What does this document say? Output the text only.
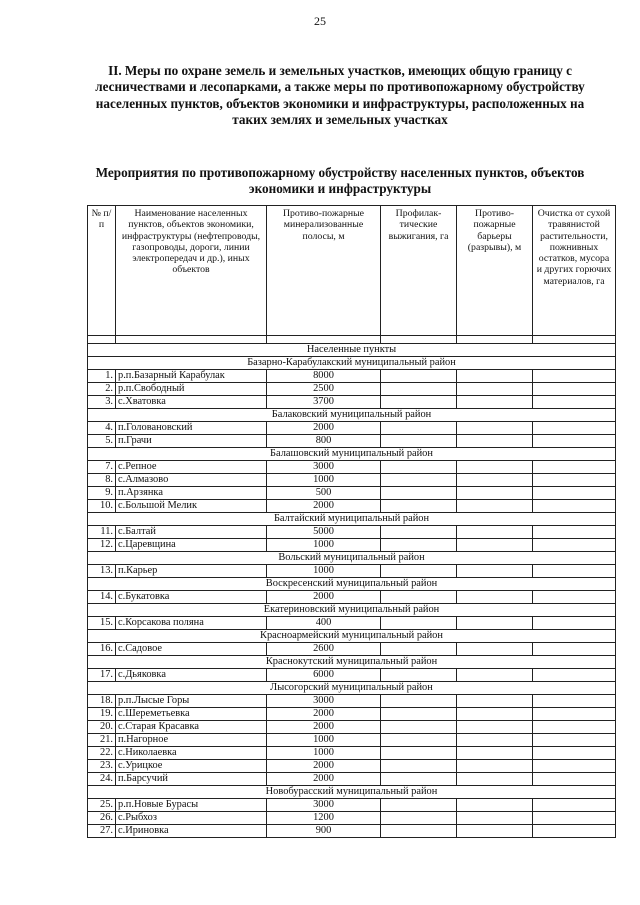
25
II. Меры по охране земель и земельных участков, имеющих общую границу с лесничествами и лесопарками, а также меры по противопожарному обустройству населенных пунктов, объектов экономики и инфраструктуры, расположенных на таких землях и земельных участках
Мероприятия по противопожарному обустройству населенных пунктов, объектов экономики и инфраструктуры
№ п/п	Наименование населенных пунктов, объектов экономики, инфраструктуры (нефтепроводы, газопроводы, дороги, линии электропередач и др.), иных объектов	Противо-пожарные минерализованные полосы, м	Профилак-тические выжигания, га	Противо-пожарные барьеры (разрывы), м	Очистка от сухой травянистой растительности, пожнивных остатков, мусора и других горючих материалов, га

Населенные пункты					
Базарно-Карабулакский муниципальный район					
1.	р.п.Базарный Карабулак	8000			
2.	р.п.Свободный	2500			
3.	с.Хватовка	3700			
Балаковский муниципальный район					
4.	п.Головановский	2000			
5.	п.Грачи	800			
Балашовский муниципальный район					
7.	с.Репное	3000			
8.	с.Алмазово	1000			
9.	п.Арзянка	500			
10.	с.Большой Мелик	2000			
Балтайский муниципальный район					
11.	с.Балтай	5000			
12.	с.Царевщина	1000			
Вольский муниципальный район					
13.	п.Карьер	1000			
Воскресенский муниципальный район					
14.	с.Букатовка	2000			
Екатериновский муниципальный район					
15.	с.Корсакова поляна	400			
Красноармейский муниципальный район					
16.	с.Садовое	2600			
Краснокутский муниципальный район					
17.	с.Дьяковка	6000			
Лысогорский муниципальный район					
18.	р.п.Лысые Горы	3000			
19.	с.Шереметьевка	2000			
20.	с.Старая Красавка	2000			
21.	п.Нагорное	1000			
22.	с.Николаевка	1000			
23.	с.Урицкое	2000			
24.	п.Барсучий	2000			
Новобурасский муниципальный район					
25.	р.п.Новые Бурасы	3000			
26.	с.Рыбхоз	1200			
27.	с.Ириновка	900			
